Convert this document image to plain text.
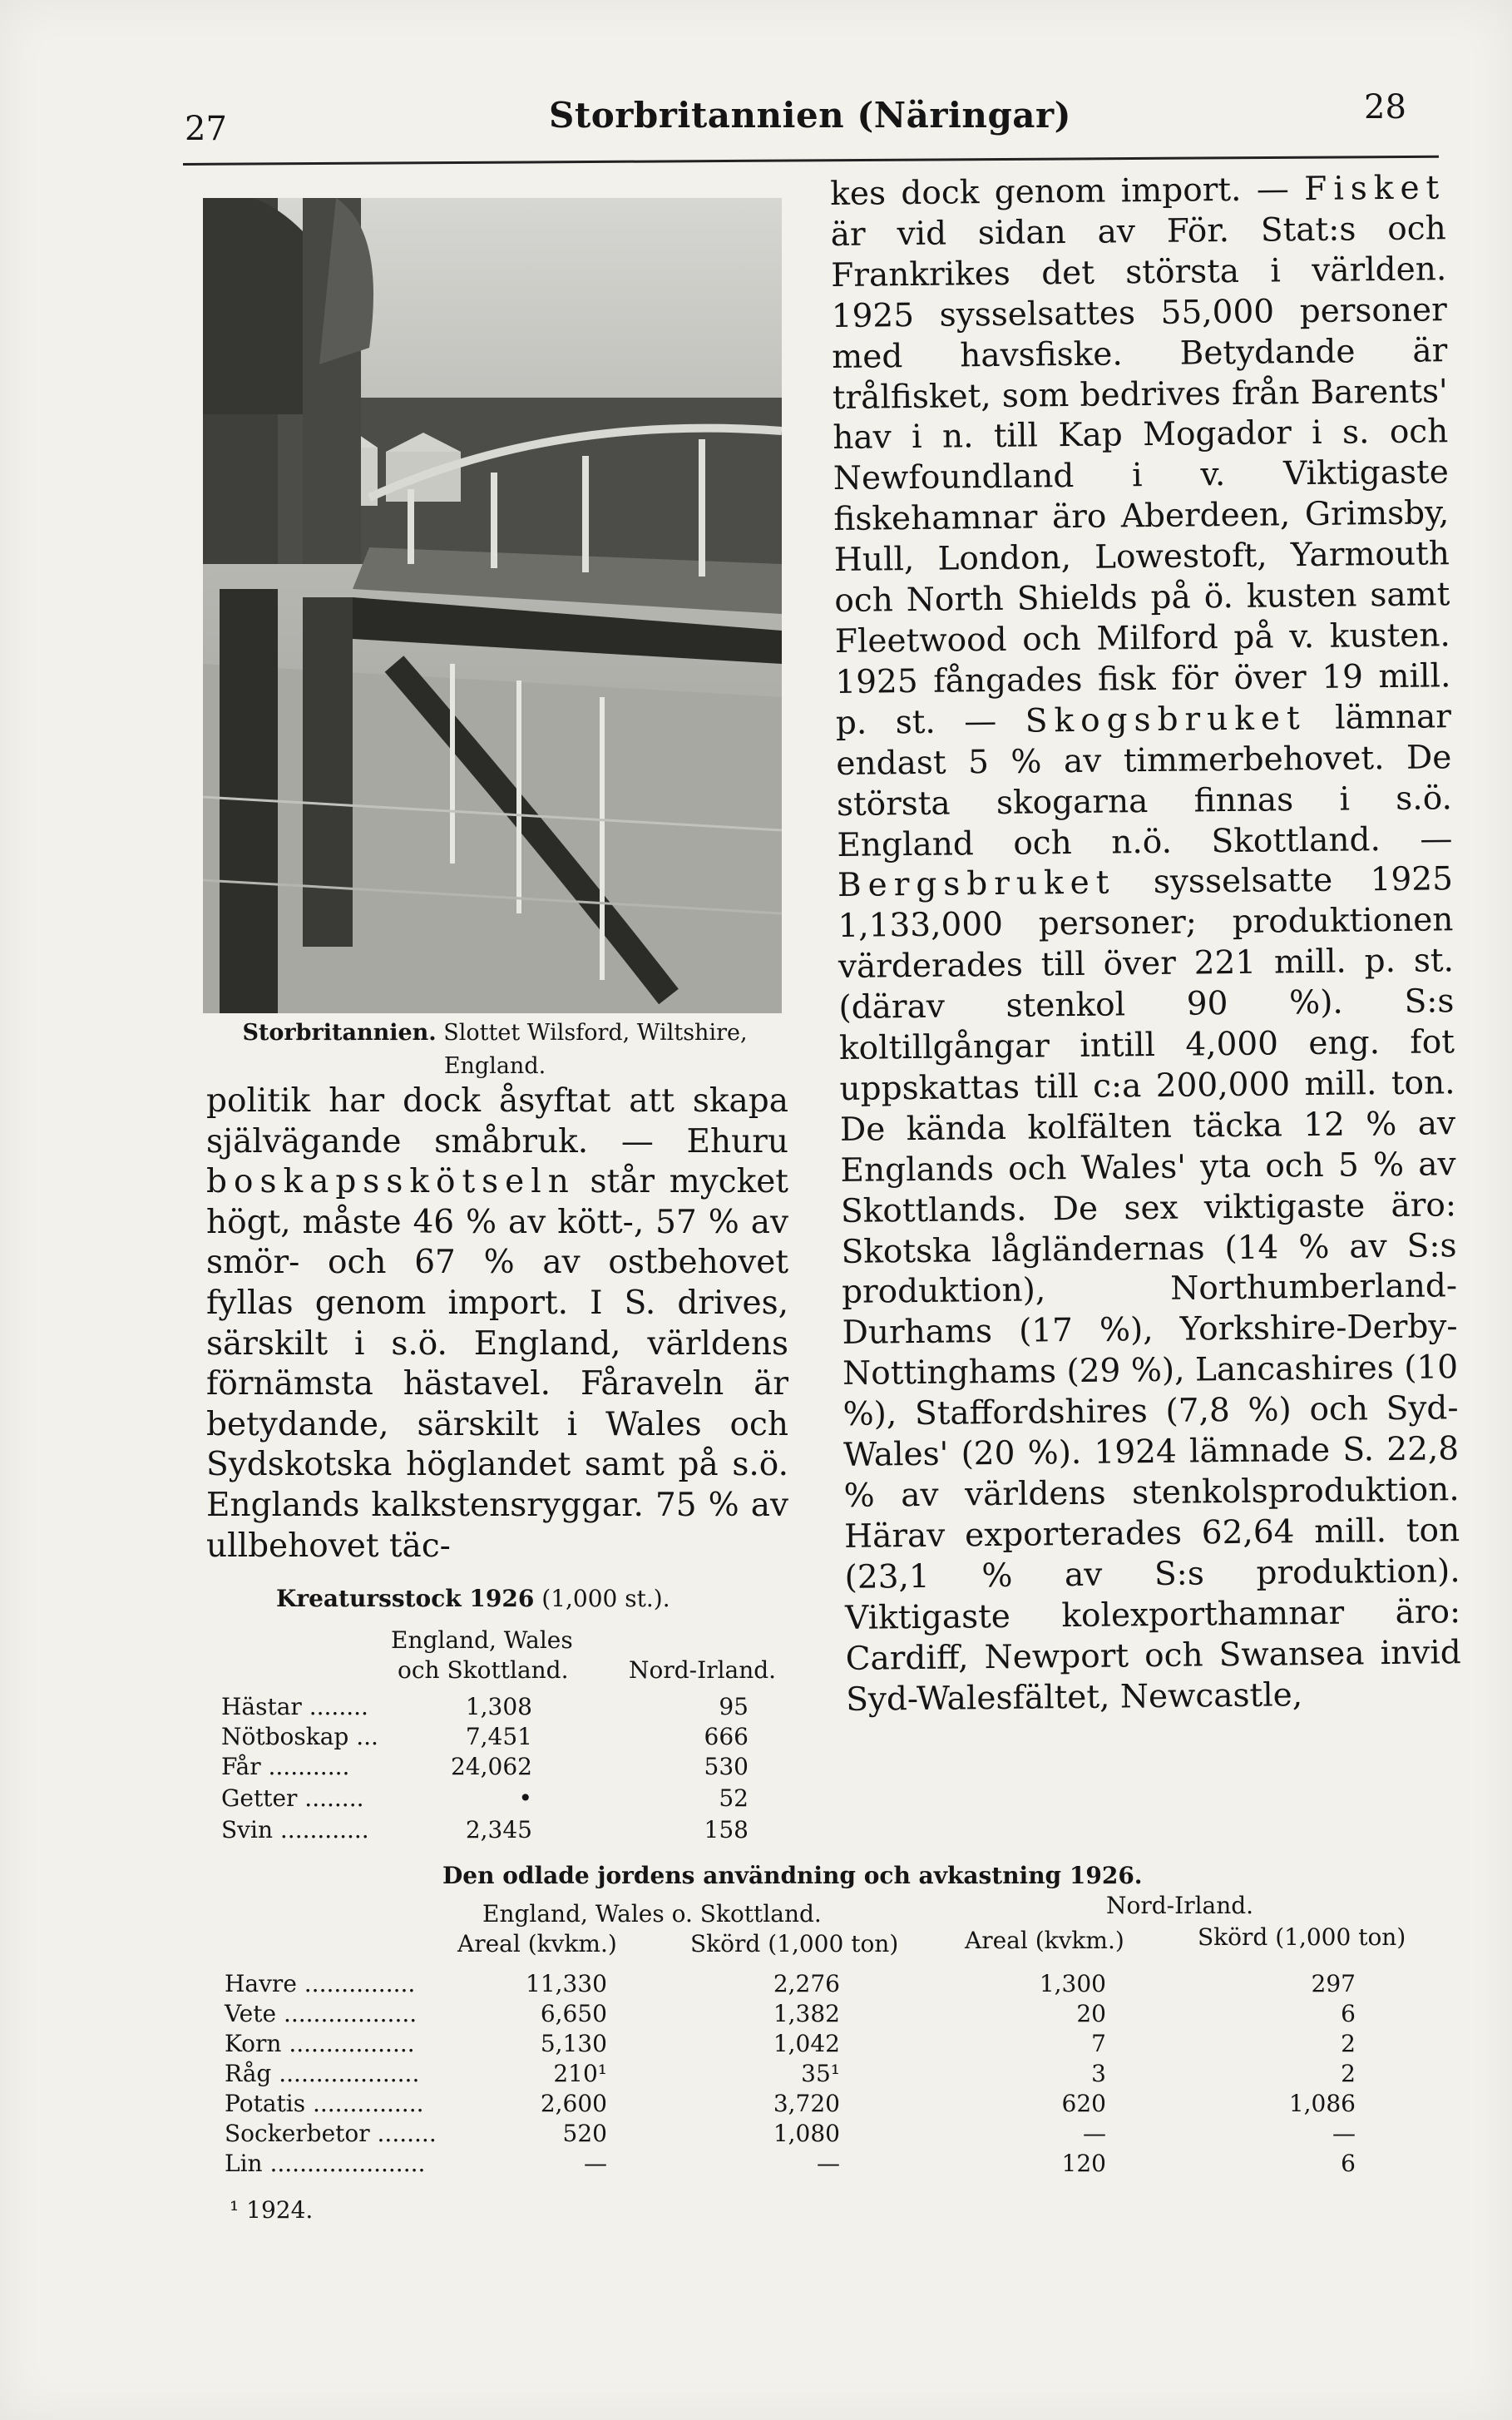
27	Storbritannien (Näringar)	28
Storbritannien. Slottet Wilsford, Wiltshire, England.

politik har dock åsyftat att skapa självägande småbruk. — Ehuru boskapsskötseln står mycket högt, måste 46 % av kött-, 57 % av smör- och 67 % av ostbehovet fyllas genom import. I S. drives, särskilt i s.ö. England, världens förnämsta hästavel. Fåraveln är betydande, särskilt i Wales och Sydskotska höglandet samt på s.ö. Englands kalkstensryggar. 75 % av ullbehovet täc-

kes dock genom import. — Fisket är vid sidan av För. Stat:s och Frankrikes det största i världen. 1925 sysselsattes 55,000 personer med havsfiske. Betydande är trålfisket, som bedrives från Barents' hav i n. till Kap Mogador i s. och Newfoundland i v. Viktigaste fiskehamnar äro Aberdeen, Grimsby, Hull, London, Lowestoft, Yarmouth och North Shields på ö. kusten samt Fleetwood och Milford på v. kusten. 1925 fångades fisk för över 19 mill. p. st. — Skogsbruket lämnar endast 5 % av timmerbehovet. De största skogarna finnas i s.ö. England och n.ö. Skottland. — Bergsbruket sysselsatte 1925 1,133,000 personer; produktionen värderades till över 221 mill. p. st. (därav stenkol 90 %). S:s koltillgångar intill 4,000 eng. fot uppskattas till c:a 200,000 mill. ton. De kända kolfälten täcka 12 % av Englands och Wales' yta och 5 % av Skottlands. De sex viktigaste äro: Skotska lågländernas (14 % av S:s produktion), Northumberland-Durhams (17 %), Yorkshire-Derby-Nottinghams (29 %), Lancashires (10 %), Staffordshires (7,8 %) och Syd-Wales' (20 %). 1924 lämnade S. 22,8 % av världens stenkolsproduktion. Härav exporterades 62,64 mill. ton (23,1 % av S:s produktion). Viktigaste kolexporthamnar äro: Cardiff, Newport och Swansea invid Syd-Walesfältet, Newcastle,

Kreatursstock 1926 (1,000 st.).
England, Wales
och Skottland.	Nord-Irland.
Hästar ........	1,308	95
Nötboskap ...	7,451	666
Får ...........	24,062	530
Getter ........	•	52
Svin ............	2,345	158
Den odlade jordens användning och avkastning 1926.
England, Wales o. Skottland.	Nord-Irland.
Areal (kvkm.)	Skörd (1,000 ton)	Areal (kvkm.)	Skörd (1,000 ton)
Havre ...............	11,330	2,276	1,300	297
Vete ..................	6,650	1,382	20	6
Korn .................	5,130	1,042	7	2
Råg ...................	210¹	35¹	3	2
Potatis ...............	2,600	3,720	620	1,086
Sockerbetor ........	520	1,080	—	—
Lin .....................	—	—	120	6
¹ 1924.
